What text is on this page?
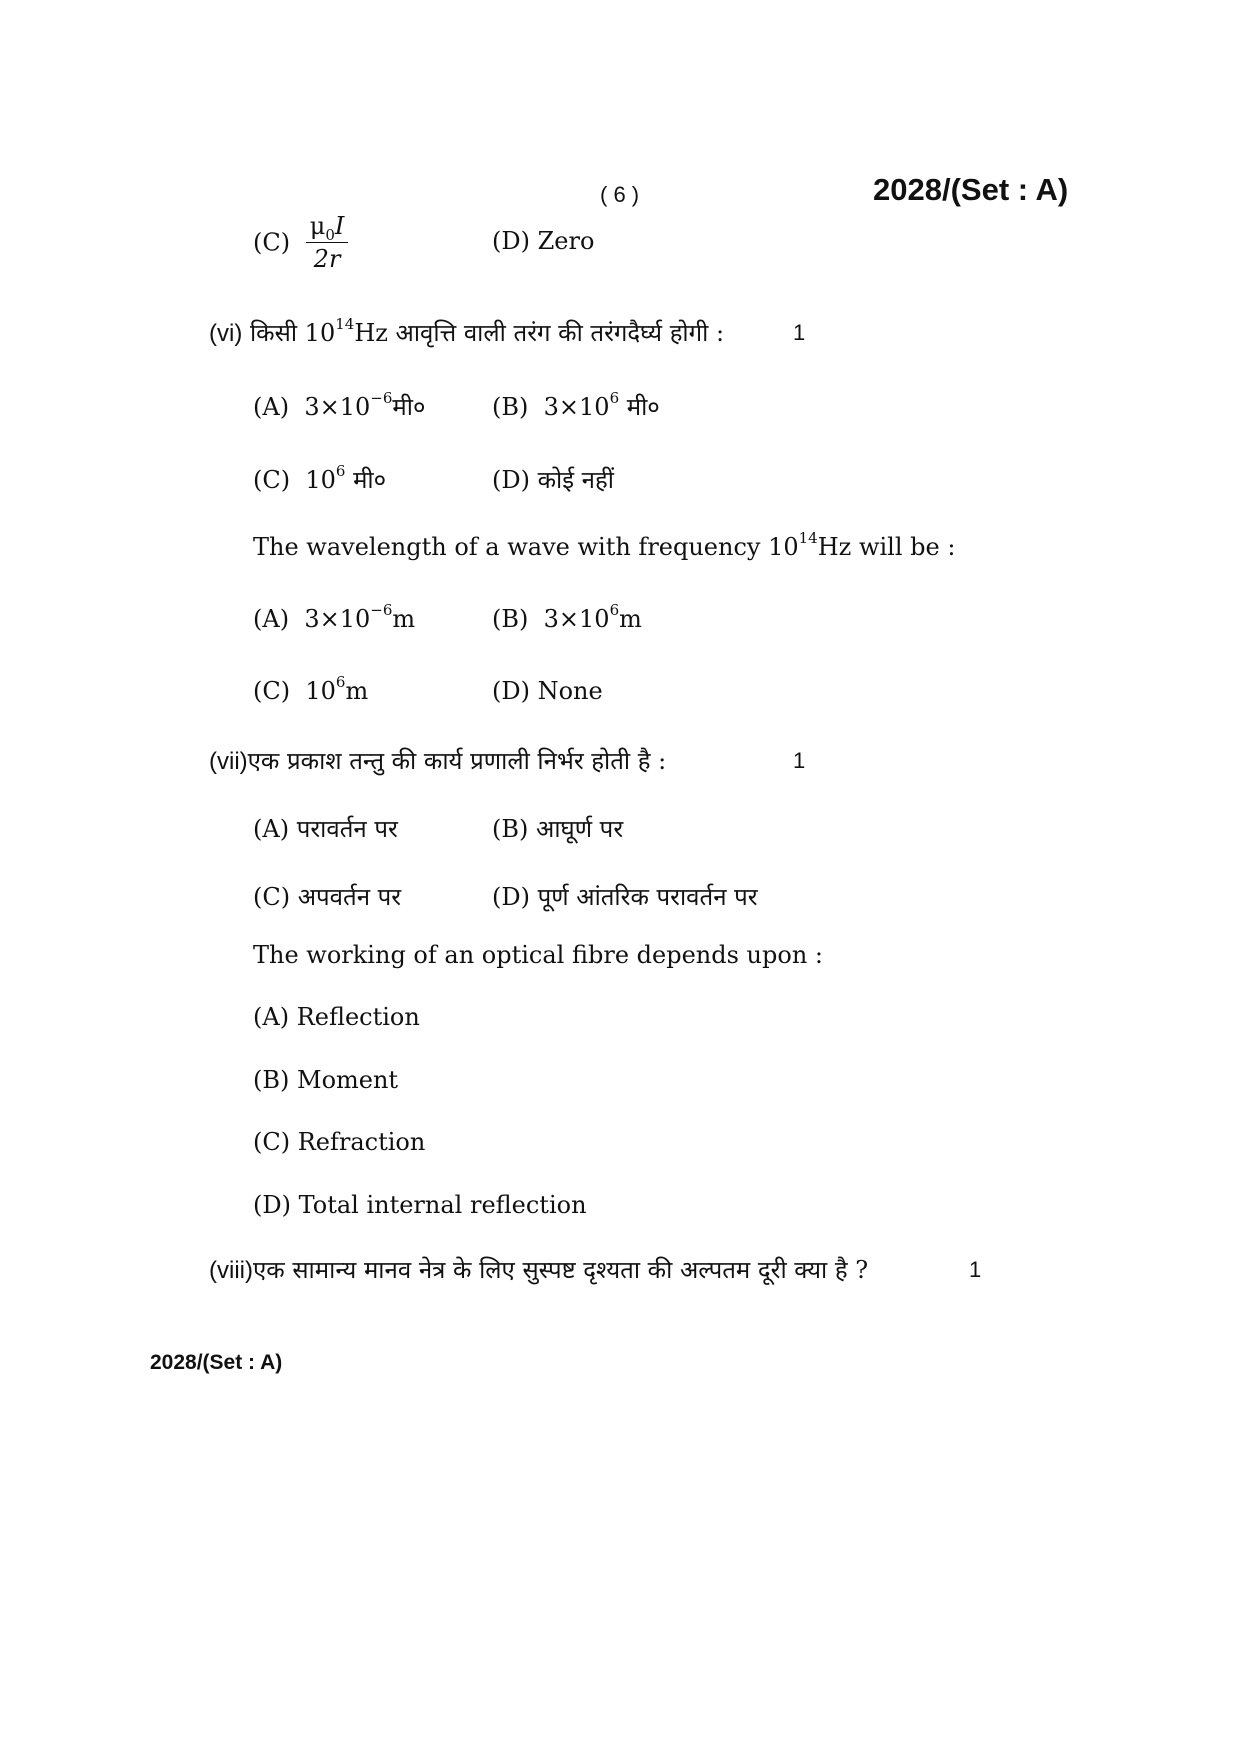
( 6 )	2028/(Set : A)
$(C) \frac{\mu_0I}{2r}$	(D) Zero
(vi) किसी $10^{14}Hz$ आवृत्ति वाली तरंग की तरंगदैर्घ्य होगी :	1
(A) $3\times 10^{-6}मी०$	(B) $3\times 10^6$ मी०
(C) $10^6$ मी०	(D) कोई नहीं
The wavelength of a wave with frequency $10^{14}Hz$ will be :
(A) $3\times 10^{-6}m$	(B) $3\times 10^6m$
(C) $10^6m$	(D) None
(vii)एक प्रकाश तन्तु की कार्य प्रणाली निर्भर होती है :	1
(A) परावर्तन पर	(B) आघूर्ण पर
(C) अपवर्तन पर	(D) पूर्ण आंतरिक परावर्तन पर
The working of an optical fibre depends upon :
(A) Reflection
(B) Moment
(C) Refraction
(D) Total internal reflection
(viii)एक सामान्य मानव नेत्र के लिए सुस्पष्ट दृश्यता की अल्पतम दूरी क्या है ?	1
2028/(Set : A)
